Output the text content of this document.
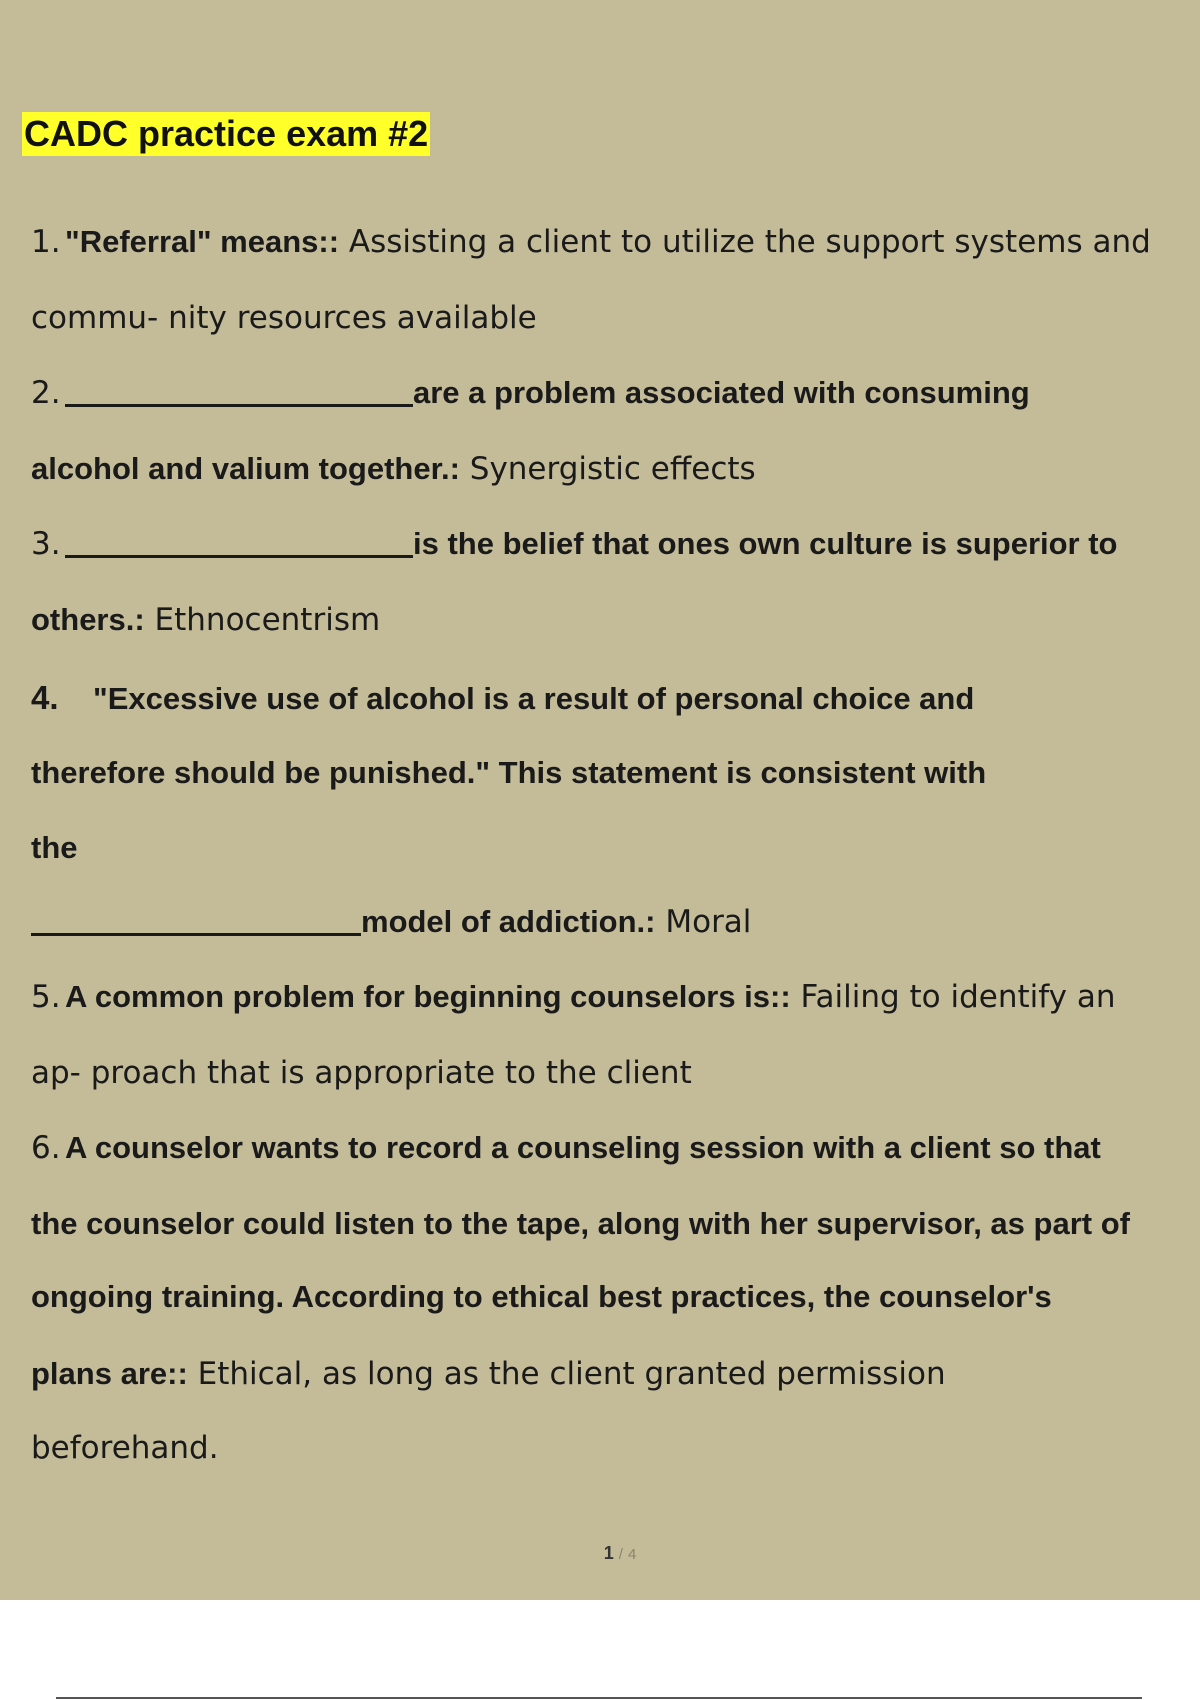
CADC practice exam #2
1. "Referral" means:: Assisting a client to utilize the support systems and
commu- nity resources available
2.	are a problem associated with consuming
alcohol and valium together.: Synergistic effects
3.	is the belief that ones own culture is superior to
others.: Ethnocentrism
4. "Excessive use of alcohol is a result of personal choice and
therefore should be punished." This statement is consistent with
the
model of addiction.: Moral
5. A common problem for beginning counselors is:: Failing to identify an
ap- proach that is appropriate to the client
6. A counselor wants to record a counseling session with a client so that
the counselor could listen to the tape, along with her supervisor, as part of
ongoing training. According to ethical best practices, the counselor's
plans are:: Ethical, as long as the client granted permission
beforehand.
1 / 4
